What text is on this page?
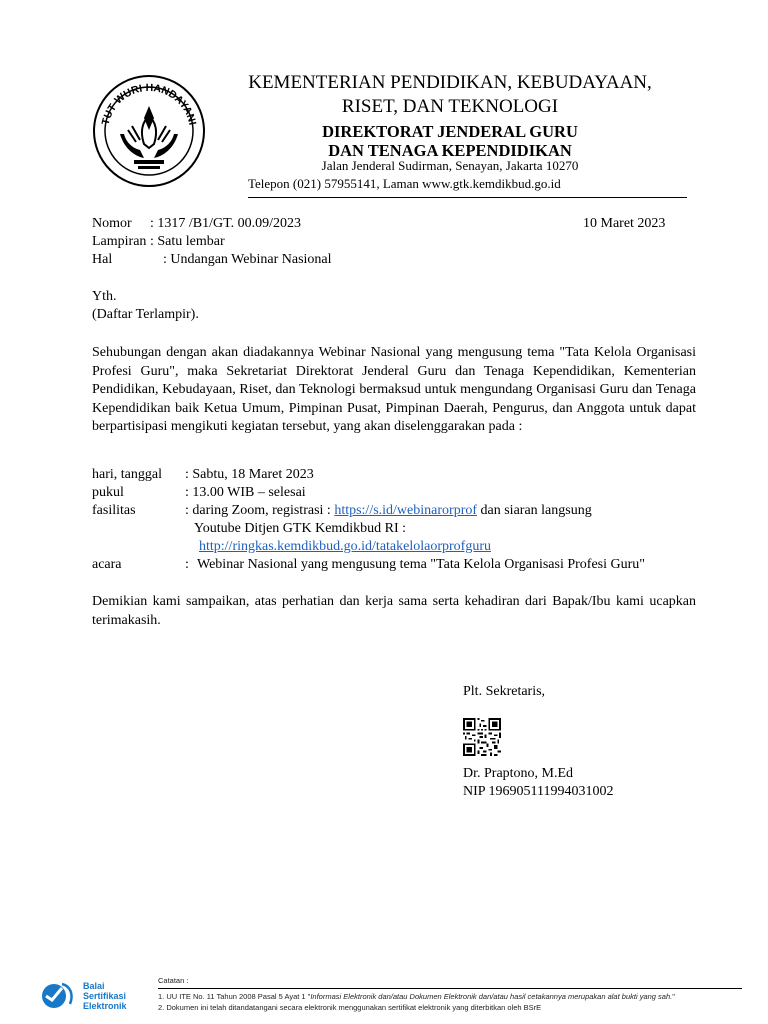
TUT WURI HANDAYANI
KEMENTERIAN PENDIDIKAN, KEBUDAYAAN,
RISET, DAN TEKNOLOGI
DIREKTORAT JENDERAL GURU
DAN TENAGA KEPENDIDIKAN
Jalan Jenderal Sudirman, Senayan, Jakarta 10270
Telepon (021) 57955141, Laman www.gtk.kemdikbud.go.id
Nomor : 1317 /B1/GT. 00.09/2023	10 Maret 2023
Lampiran : Satu lembar
Hal	: Undangan Webinar Nasional
Yth.
(Daftar Terlampir).
Sehubungan dengan akan diadakannya Webinar Nasional yang mengusung tema "Tata Kelola Organisasi Profesi Guru", maka Sekretariat Direktorat Jenderal Guru dan Tenaga Kependidikan, Kementerian Pendidikan, Kebudayaan, Riset, dan Teknologi bermaksud untuk mengundang Organisasi Guru dan Tenaga Kependidikan baik Ketua Umum, Pimpinan Pusat, Pimpinan Daerah, Pengurus, dan Anggota untuk dapat berpartisipasi mengikuti kegiatan tersebut, yang akan diselenggarakan pada :
hari, tanggal : Sabtu, 18 Maret 2023
pukul	: 13.00 WIB – selesai
fasilitas	: daring Zoom, registrasi : https://s.id/webinarorprof dan siaran langsung
Youtube Ditjen GTK Kemdikbud RI :
http://ringkas.kemdikbud.go.id/tatakelolaorprofguru
acara	: Webinar Nasional yang mengusung tema "Tata Kelola Organisasi Profesi Guru"
Demikian kami sampaikan, atas perhatian dan kerja sama serta kehadiran dari Bapak/Ibu kami ucapkan terimakasih.
Plt. Sekretaris,
Dr. Praptono, M.Ed
NIP 196905111994031002
Balai
Sertifikasi
Elektronik
Catatan :
1. UU ITE No. 11 Tahun 2008 Pasal 5 Ayat 1 "Informasi Elektronik dan/atau Dokumen Elektronik dan/atau hasil cetakannya merupakan alat bukti yang sah."
2. Dokumen ini telah ditandatangani secara elektronik menggunakan sertifikat elektronik yang diterbitkan oleh BSrE
